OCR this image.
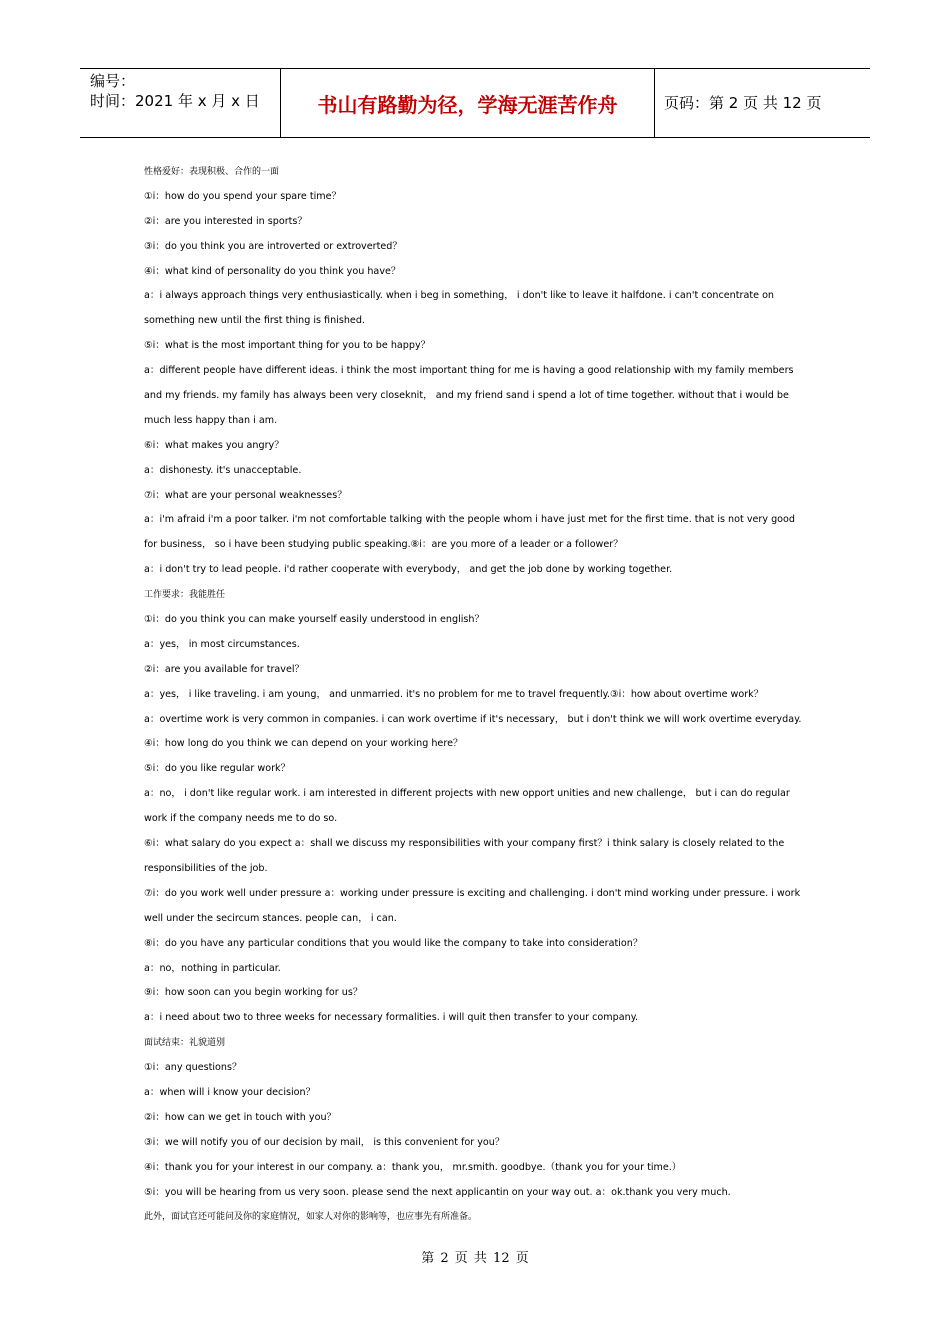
编号：
时间：2021 年 x 月 x 日	书山有路勤为径，学海无涯苦作舟	页码：第 2 页 共 12 页
性格爱好：表现积极、合作的一面
①i：how do you spend your spare time？
②i：are you interested in sports？
③i：do you think you are introverted or extroverted？
④i：what kind of personality do you think you have？
a：i always approach things very enthusiastically. when i beg in something， i don't like to leave it halfdone. i can't concentrate on
something new until the first thing is finished.
⑤i：what is the most important thing for you to be happy？
a：different people have different ideas. i think the most important thing for me is having a good relationship with my family members
and my friends. my family has always been very closeknit， and my friend sand i spend a lot of time together. without that i would be
much less happy than i am.
⑥i：what makes you angry？
a：dishonesty. it's unacceptable.
⑦i：what are your personal weaknesses？
a：i'm afraid i'm a poor talker. i'm not comfortable talking with the people whom i have just met for the first time. that is not very good
for business， so i have been studying public speaking.⑧i：are you more of a leader or a follower？
a：i don't try to lead people. i'd rather cooperate with everybody， and get the job done by working together.
工作要求：我能胜任
①i：do you think you can make yourself easily understood in english？
a：yes， in most circumstances.
②i：are you available for travel？
a：yes， i like traveling. i am young， and unmarried. it's no problem for me to travel frequently.③i：how about overtime work？
a：overtime work is very common in companies. i can work overtime if it's necessary， but i don't think we will work overtime everyday.
④i：how long do you think we can depend on your working here？
⑤i：do you like regular work？
a：no， i don't like regular work. i am interested in different projects with new opport unities and new challenge， but i can do regular
work if the company needs me to do so.
⑥i：what salary do you expect a：shall we discuss my responsibilities with your company first？i think salary is closely related to the
responsibilities of the job.
⑦i：do you work well under pressure a：working under pressure is exciting and challenging. i don't mind working under pressure. i work
well under the secircum stances. people can， i can.
⑧i：do you have any particular conditions that you would like the company to take into consideration？
a：no，nothing in particular.
⑨i：how soon can you begin working for us？
a：i need about two to three weeks for necessary formalities. i will quit then transfer to your company.
面试结束：礼貌道别
①i：any questions？
a：when will i know your decision？
②i：how can we get in touch with you？
③i：we will notify you of our decision by mail， is this convenient for you？
④i：thank you for your interest in our company. a：thank you， mr.smith. goodbye.（thank you for your time.）
⑤i：you will be hearing from us very soon. please send the next applicantin on your way out. a：ok.thank you very much.
此外，面试官还可能问及你的家庭情况，如家人对你的影响等，也应事先有所准备。
第 2 页 共 12 页
